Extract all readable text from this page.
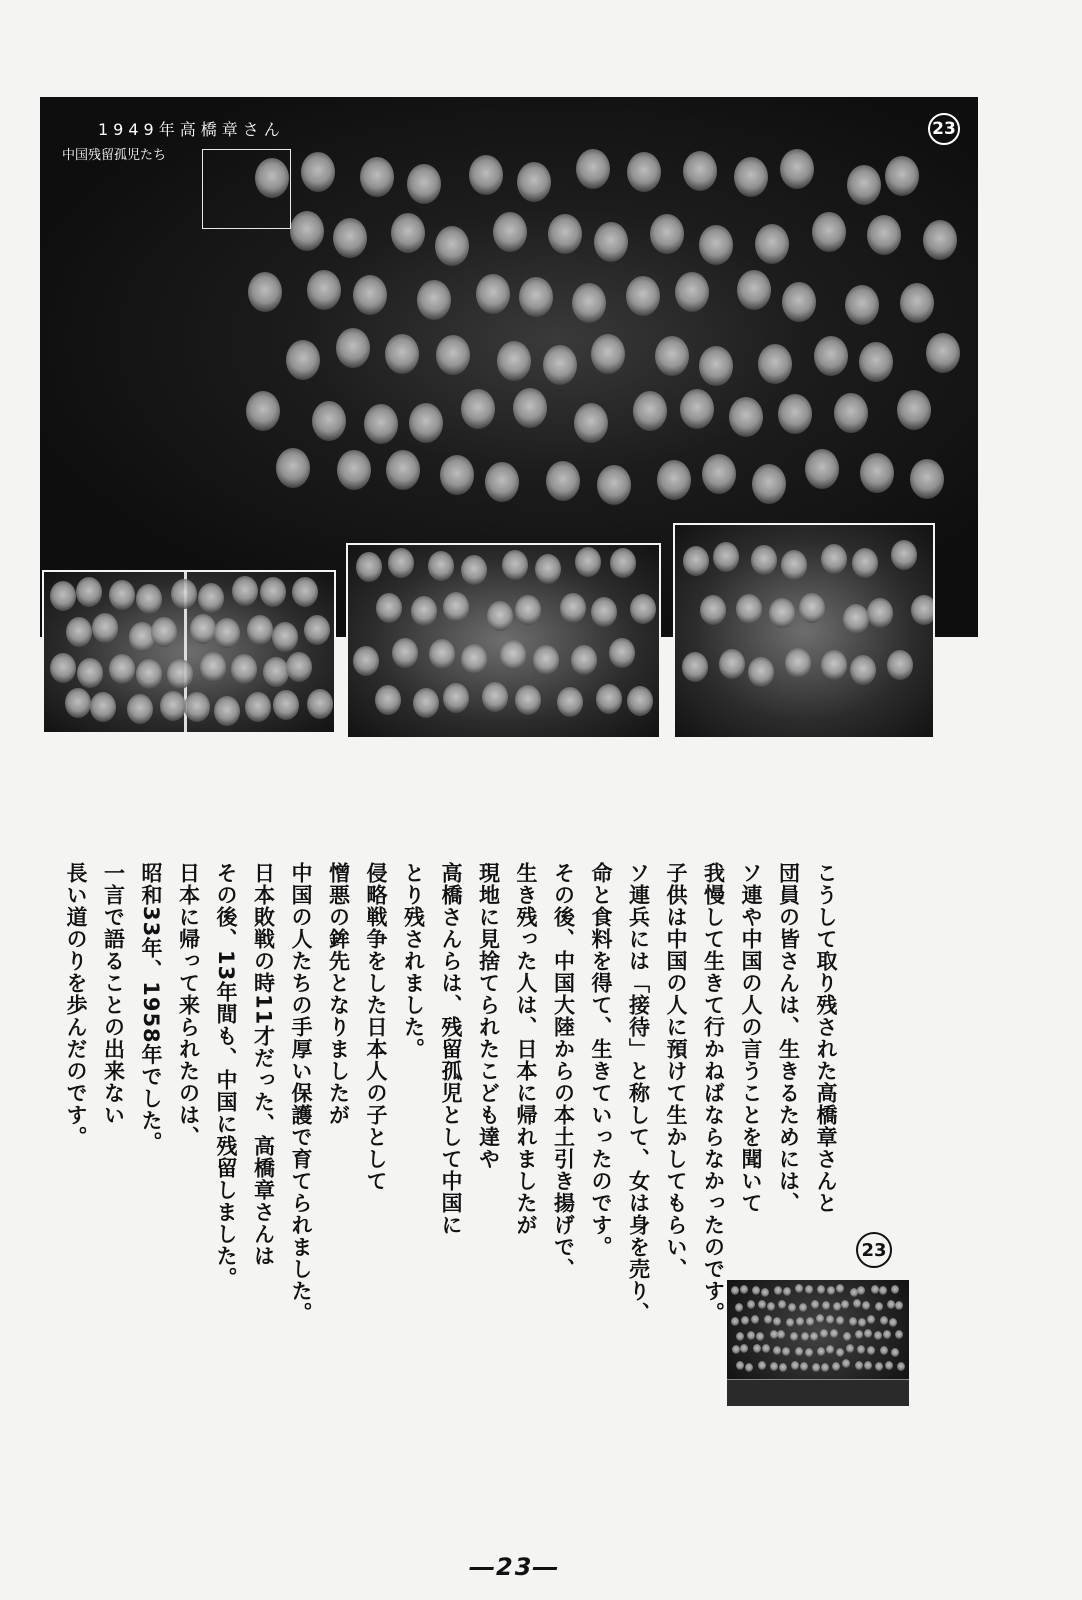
1949年高橋章さん
中国残留孤児たち
23
こうして取り残された高橋章さんと
団員の皆さんは、生きるためには、
ソ連や中国の人の言うことを聞いて
我慢して生きて行かねばならなかったのです。
子供は中国の人に預けて生かしてもらい、
ソ連兵には「接待」と称して、女は身を売り、
命と食料を得て、生きていったのです。
その後、中国大陸からの本土引き揚げで、
生き残った人は、日本に帰れましたが
現地に見捨てられたこども達や
高橋さんらは、残留孤児として中国に
とり残されました。
侵略戦争をした日本人の子として
憎悪の鉾先となりましたが
中国の人たちの手厚い保護で育てられました。
日本敗戦の時11才だった、高橋章さんは
その後、13年間も、中国に残留しました。
日本に帰って来られたのは、
昭和33年、1958年でした。
一言で語ることの出来ない
長い道のりを歩んだのです。
23
―23―
